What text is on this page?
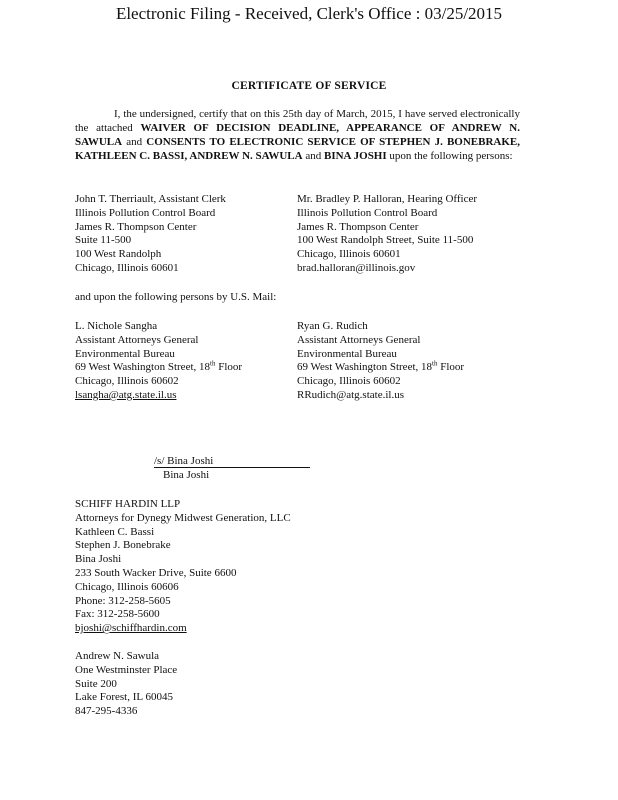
Electronic Filing - Received, Clerk's Office : 03/25/2015
CERTIFICATE OF SERVICE
I, the undersigned, certify that on this 25th day of March, 2015, I have served electronically the attached WAIVER OF DECISION DEADLINE, APPEARANCE OF ANDREW N. SAWULA and CONSENTS TO ELECTRONIC SERVICE OF STEPHEN J. BONEBRAKE, KATHLEEN C. BASSI, ANDREW N. SAWULA and BINA JOSHI upon the following persons:
John T. Therriault, Assistant Clerk
Illinois Pollution Control Board
James R. Thompson Center
Suite 11-500
100 West Randolph
Chicago, Illinois 60601
Mr. Bradley P. Halloran, Hearing Officer
Illinois Pollution Control Board
James R. Thompson Center
100 West Randolph Street, Suite 11-500
Chicago, Illinois 60601
brad.halloran@illinois.gov
and upon the following persons by U.S. Mail:
L. Nichole Sangha
Assistant Attorneys General
Environmental Bureau
69 West Washington Street, 18th Floor
Chicago, Illinois 60602
lsangha@atg.state.il.us
Ryan G. Rudich
Assistant Attorneys General
Environmental Bureau
69 West Washington Street, 18th Floor
Chicago, Illinois 60602
RRudich@atg.state.il.us
/s/ Bina Joshi
Bina Joshi
SCHIFF HARDIN LLP
Attorneys for Dynegy Midwest Generation, LLC
Kathleen C. Bassi
Stephen J. Bonebrake
Bina Joshi
233 South Wacker Drive, Suite 6600
Chicago, Illinois 60606
Phone: 312-258-5605
Fax: 312-258-5600
bjoshi@schiffhardin.com
Andrew N. Sawula
One Westminster Place
Suite 200
Lake Forest, IL 60045
847-295-4336
